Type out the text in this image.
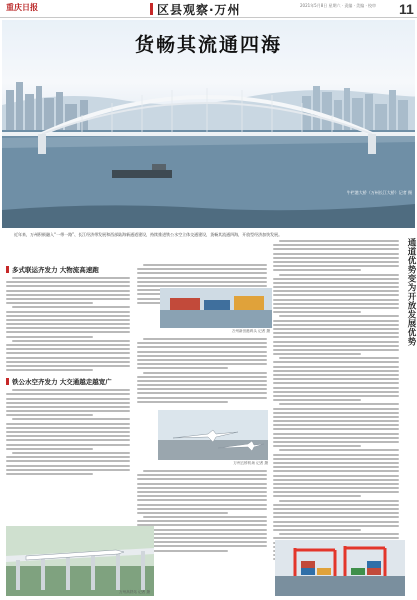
重庆日报	区县观察·万州	2021年5月8日 星期六 · 责编 · 美编 · 校审	11
货畅其流通四海
牛栏港大桥（万州长江大桥）记者 摄
近年来，万州积极融入“一带一路”、长江经济带发展和西部陆海新通道建设，持续推进铁公水空立体交通建设，货畅其流通四海，开放型经济加快发展。
通道优势变为开放发展优势
多式联运齐发力 大物流高速跑
铁公水空齐发力 大交通越走越宽广
万州新田港码头 记者 摄
万州五桥机场 记者 摄
万州高铁站 记者 摄
